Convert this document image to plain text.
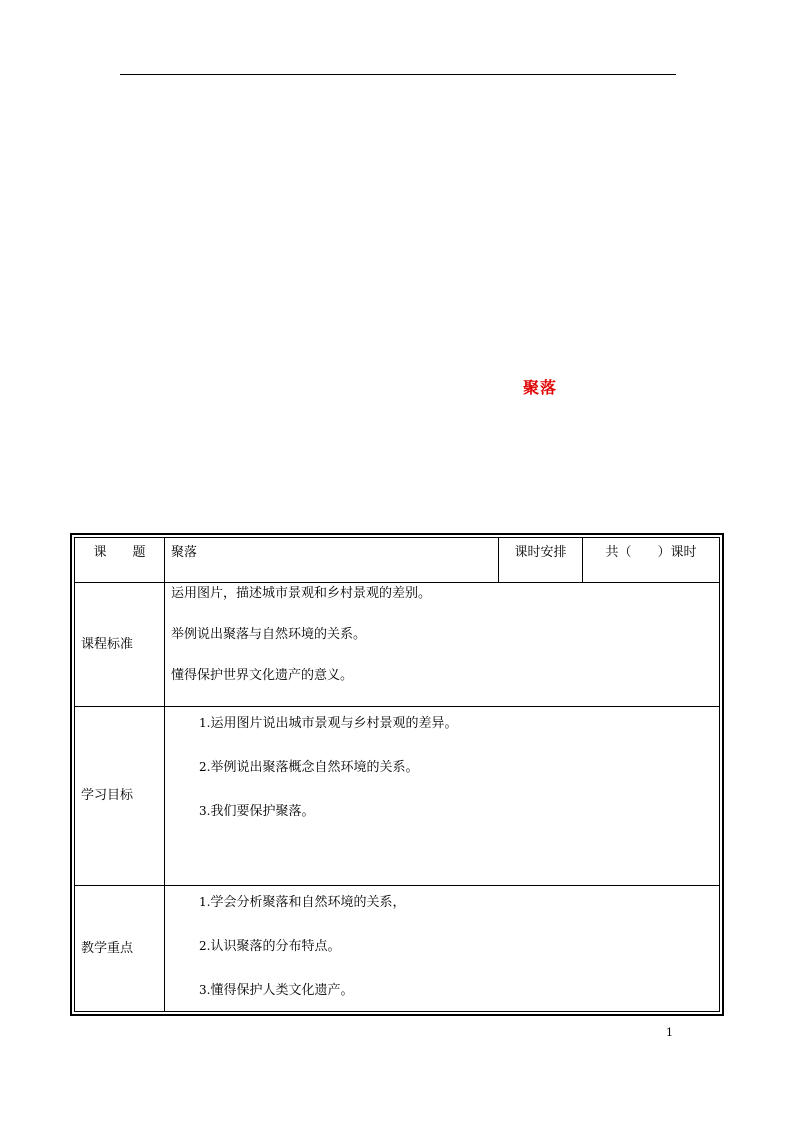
聚落
课　　题	聚落	课时安排	共（　　）课时
课程标准	运用图片，描述城市景观和乡村景观的差别。

举例说出聚落与自然环境的关系。

懂得保护世界文化遗产的意义。		

学习目标	1.运用图片说出城市景观与乡村景观的差异。

2.举例说出聚落概念自然环境的关系。

3.我们要保护聚落。		

教学重点	1.学会分析聚落和自然环境的关系，

2.认识聚落的分布特点。

3.懂得保护人类文化遗产。		

1
